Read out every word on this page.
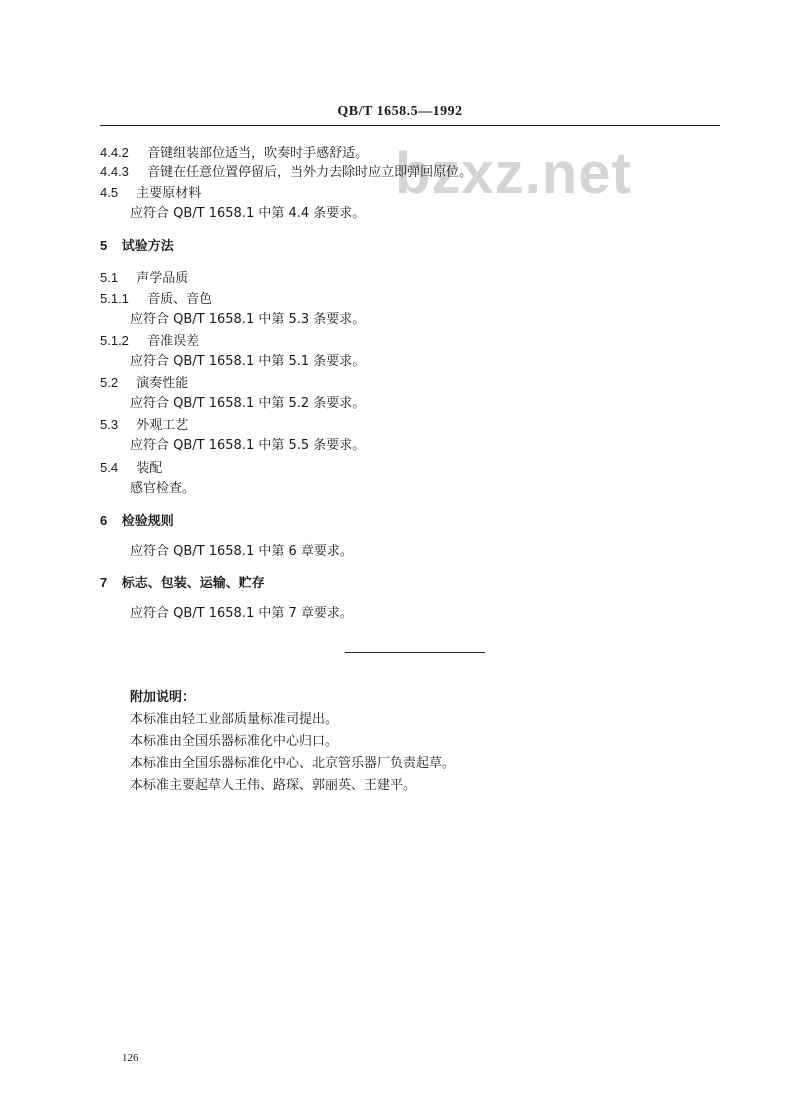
QB/T 1658.5—1992
bzxz.net
4.4.2 音键组装部位适当，吹奏时手感舒适。
4.4.3 音键在任意位置停留后，当外力去除时应立即弹回原位。
4.5 主要原材料
应符合 QB/T 1658.1 中第 4.4 条要求。
5 试验方法
5.1 声学品质
5.1.1 音质、音色
应符合 QB/T 1658.1 中第 5.3 条要求。
5.1.2 音准误差
应符合 QB/T 1658.1 中第 5.1 条要求。
5.2 演奏性能
应符合 QB/T 1658.1 中第 5.2 条要求。
5.3 外观工艺
应符合 QB/T 1658.1 中第 5.5 条要求。
5.4 装配
感官检查。
6 检验规则
应符合 QB/T 1658.1 中第 6 章要求。
7 标志、包装、运输、贮存
应符合 QB/T 1658.1 中第 7 章要求。
附加说明：
本标准由轻工业部质量标准司提出。
本标准由全国乐器标准化中心归口。
本标准由全国乐器标准化中心、北京管乐器厂负责起草。
本标准主要起草人王伟、路琛、郭丽英、王建平。
126
